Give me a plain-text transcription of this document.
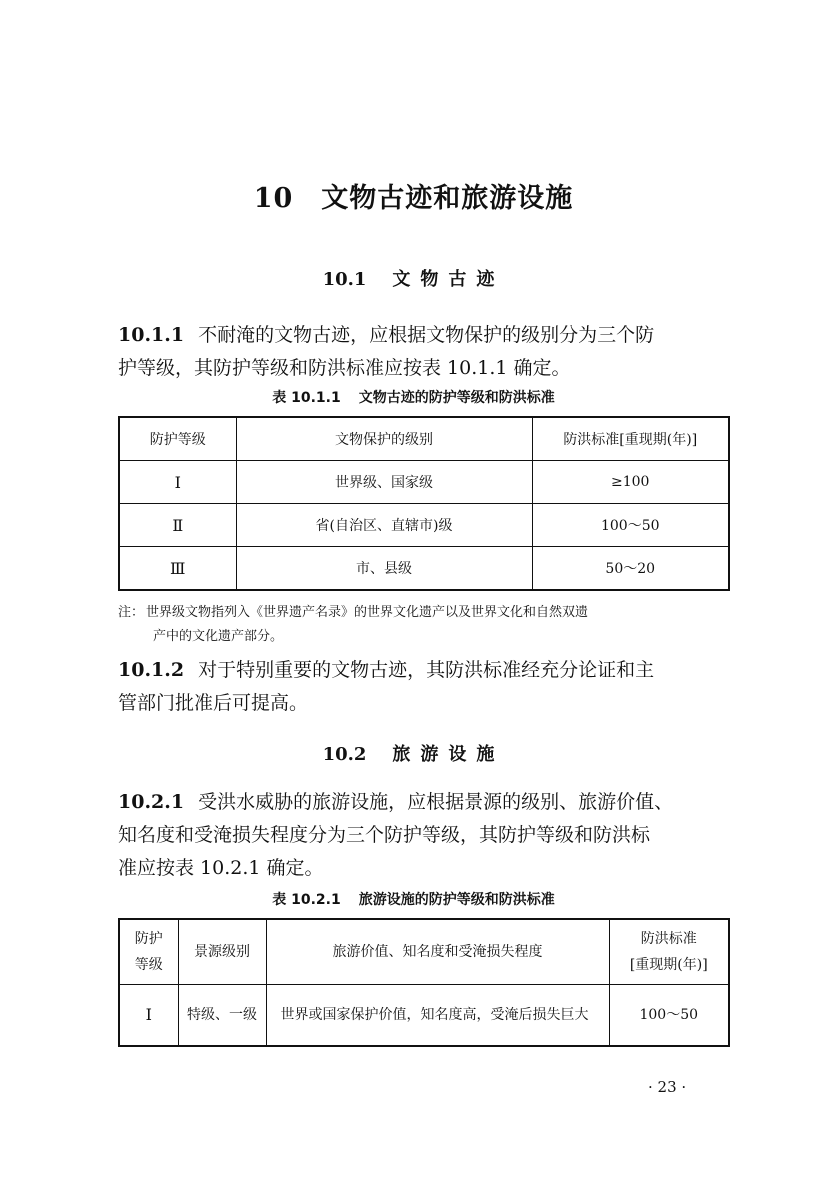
10 文物古迹和旅游设施
10.1 文物古迹
10.1.1 不耐淹的文物古迹，应根据文物保护的级别分为三个防
护等级，其防护等级和防洪标准应按表 10.1.1 确定。
表 10.1.1 文物古迹的防护等级和防洪标准
防护等级	文物保护的级别	防洪标准[重现期(年)]
Ⅰ	世界级、国家级	≥100
Ⅱ	省(自治区、直辖市)级	100～50
Ⅲ	市、县级	50～20
注： 世界级文物指列入《世界遗产名录》的世界文化遗产以及世界文化和自然双遗
产中的文化遗产部分。
10.1.2 对于特别重要的文物古迹，其防洪标准经充分论证和主
管部门批准后可提高。
10.2 旅游设施
10.2.1 受洪水威胁的旅游设施，应根据景源的级别、旅游价值、
知名度和受淹损失程度分为三个防护等级，其防护等级和防洪标
准应按表 10.2.1 确定。
表 10.2.1 旅游设施的防护等级和防洪标准
防护
等级	景源级别	旅游价值、知名度和受淹损失程度	防洪标准
[重现期(年)]
Ⅰ	特级、一级	世界或国家保护价值，知名度高，受淹后损失巨大	100～50
· 23 ·
